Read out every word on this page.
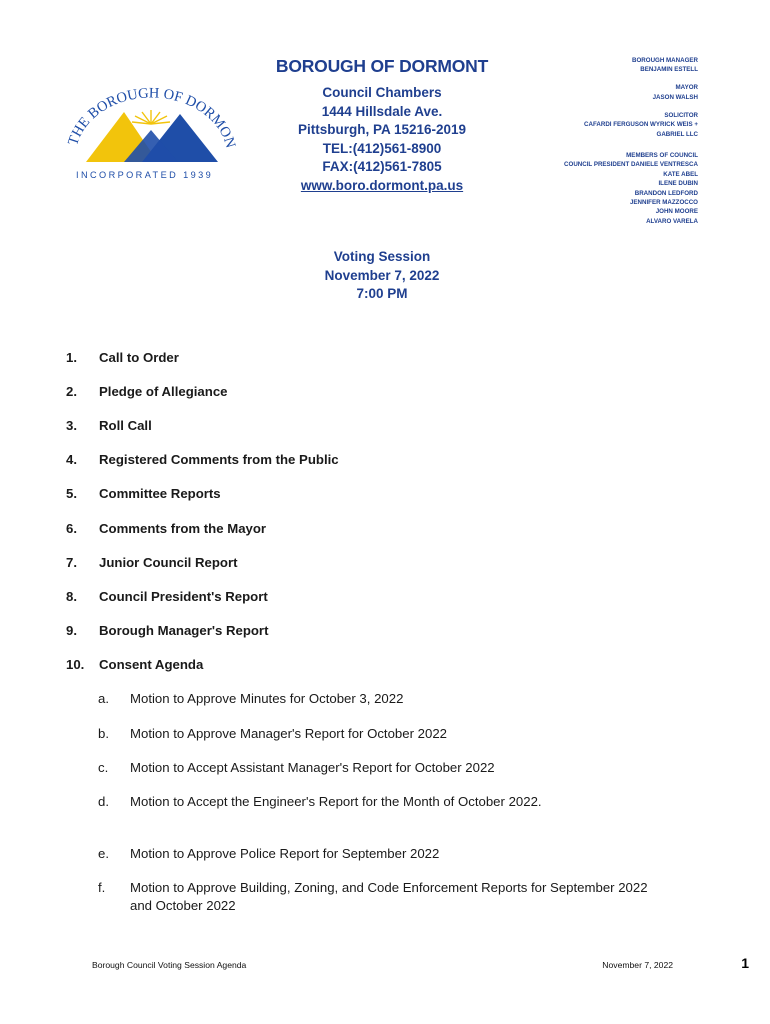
THE BOROUGH OF DORMON
INCORPORATED 1939
BOROUGH OF DORMONT

Council Chambers

1444 Hillsdale Ave.

Pittsburgh, PA 15216-2019

TEL:(412)561-8900

FAX:(412)561-7805

www.boro.dormont.pa.us
BOROUGH MANAGER
BENJAMIN ESTELL
MAYOR
JASON WALSH
SOLICITOR
CAFARDI FERGUSON WYRICK WEIS +
GABRIEL LLC
MEMBERS OF COUNCIL
COUNCIL PRESIDENT DANIELE VENTRESCA
KATE ABEL
ILENE DUBIN
BRANDON LEDFORD
JENNIFER MAZZOCCO
JOHN MOORE
ALVARO VARELA
Voting Session
November 7, 2022
7:00 PM
1. Call to Order
2. Pledge of Allegiance
3. Roll Call
4. Registered Comments from the Public
5. Committee Reports
6. Comments from the Mayor
7. Junior Council Report
8. Council President's Report
9. Borough Manager's Report
10. Consent Agenda
a. Motion to Approve Minutes for October 3, 2022
b. Motion to Approve Manager's Report for October 2022
c. Motion to Accept Assistant Manager's Report for October 2022
d. Motion to Accept the Engineer's Report for the Month of October 2022.
e. Motion to Approve Police Report for September 2022
f. Motion to Approve Building, Zoning, and Code Enforcement Reports for September 2022
and October 2022
Borough Council Voting Session Agenda	November 7, 2022	1
